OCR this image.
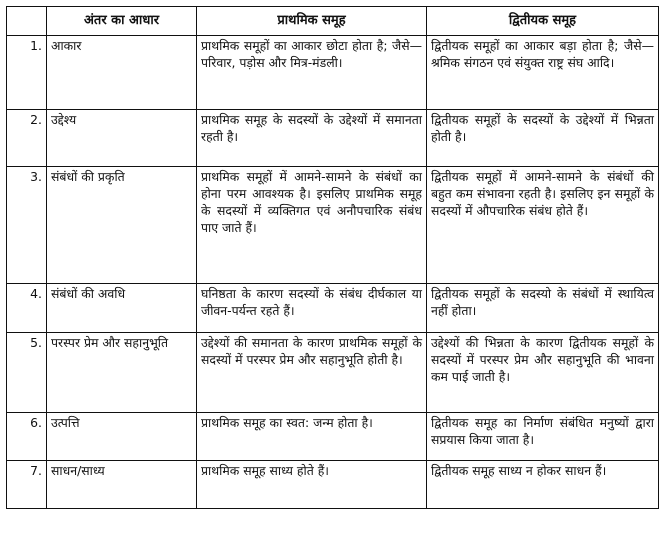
	अंतर का आधार	प्राथमिक समूह	द्वितीयक समूह
1.	आकार	प्राथमिक समूहों का आकार छोटा होता है; जैसे—परिवार, पड़ोस और मित्र-मंडली।	द्वितीयक समूहों का आकार बड़ा होता है; जैसे—श्रमिक संगठन एवं संयुक्त राष्ट्र संघ आदि।
2.	उद्देश्य	प्राथमिक समूह के सदस्यों के उद्देश्यों में समानता रहती है।	द्वितीयक समूहों के सदस्यों के उद्देश्यों में भिन्नता होती है।
3.	संबंधों की प्रकृति	प्राथमिक समूहों में आमने-सामने के संबंधों का होना परम आवश्यक है। इसलिए प्राथमिक समूह के सदस्यों में व्यक्तिगत एवं अनौपचारिक संबंध पाए जाते हैं।	द्वितीयक समूहों में आमने-सामने के संबंधों की बहुत कम संभावना रहती है। इसलिए इन समूहों के सदस्यों में औपचारिक संबंध होते हैं।
4.	संबंधों की अवधि	घनिष्ठता के कारण सदस्यों के संबंध दीर्घकाल या जीवन-पर्यन्त रहते हैं।	द्वितीयक समूहों के सदस्यो के संबंधों में स्थायित्व नहीं होता।
5.	परस्पर प्रेम और सहानुभूति	उद्देश्यों की समानता के कारण प्राथमिक समूहों के सदस्यों में परस्पर प्रेम और सहानुभूति होती है।	उद्देश्यों की भिन्नता के कारण द्वितीयक समूहों के सदस्यों में परस्पर प्रेम और सहानुभूति की भावना कम पाई जाती है।
6.	उत्पत्ति	प्राथमिक समूह का स्वत: जन्म होता है।	द्वितीयक समूह का निर्माण संबंधित मनुष्यों द्वारा सप्रयास किया जाता है।
7.	साधन/साध्य	प्राथमिक समूह साध्य होते हैं।	द्वितीयक समूह साध्य न होकर साधन हैं।
